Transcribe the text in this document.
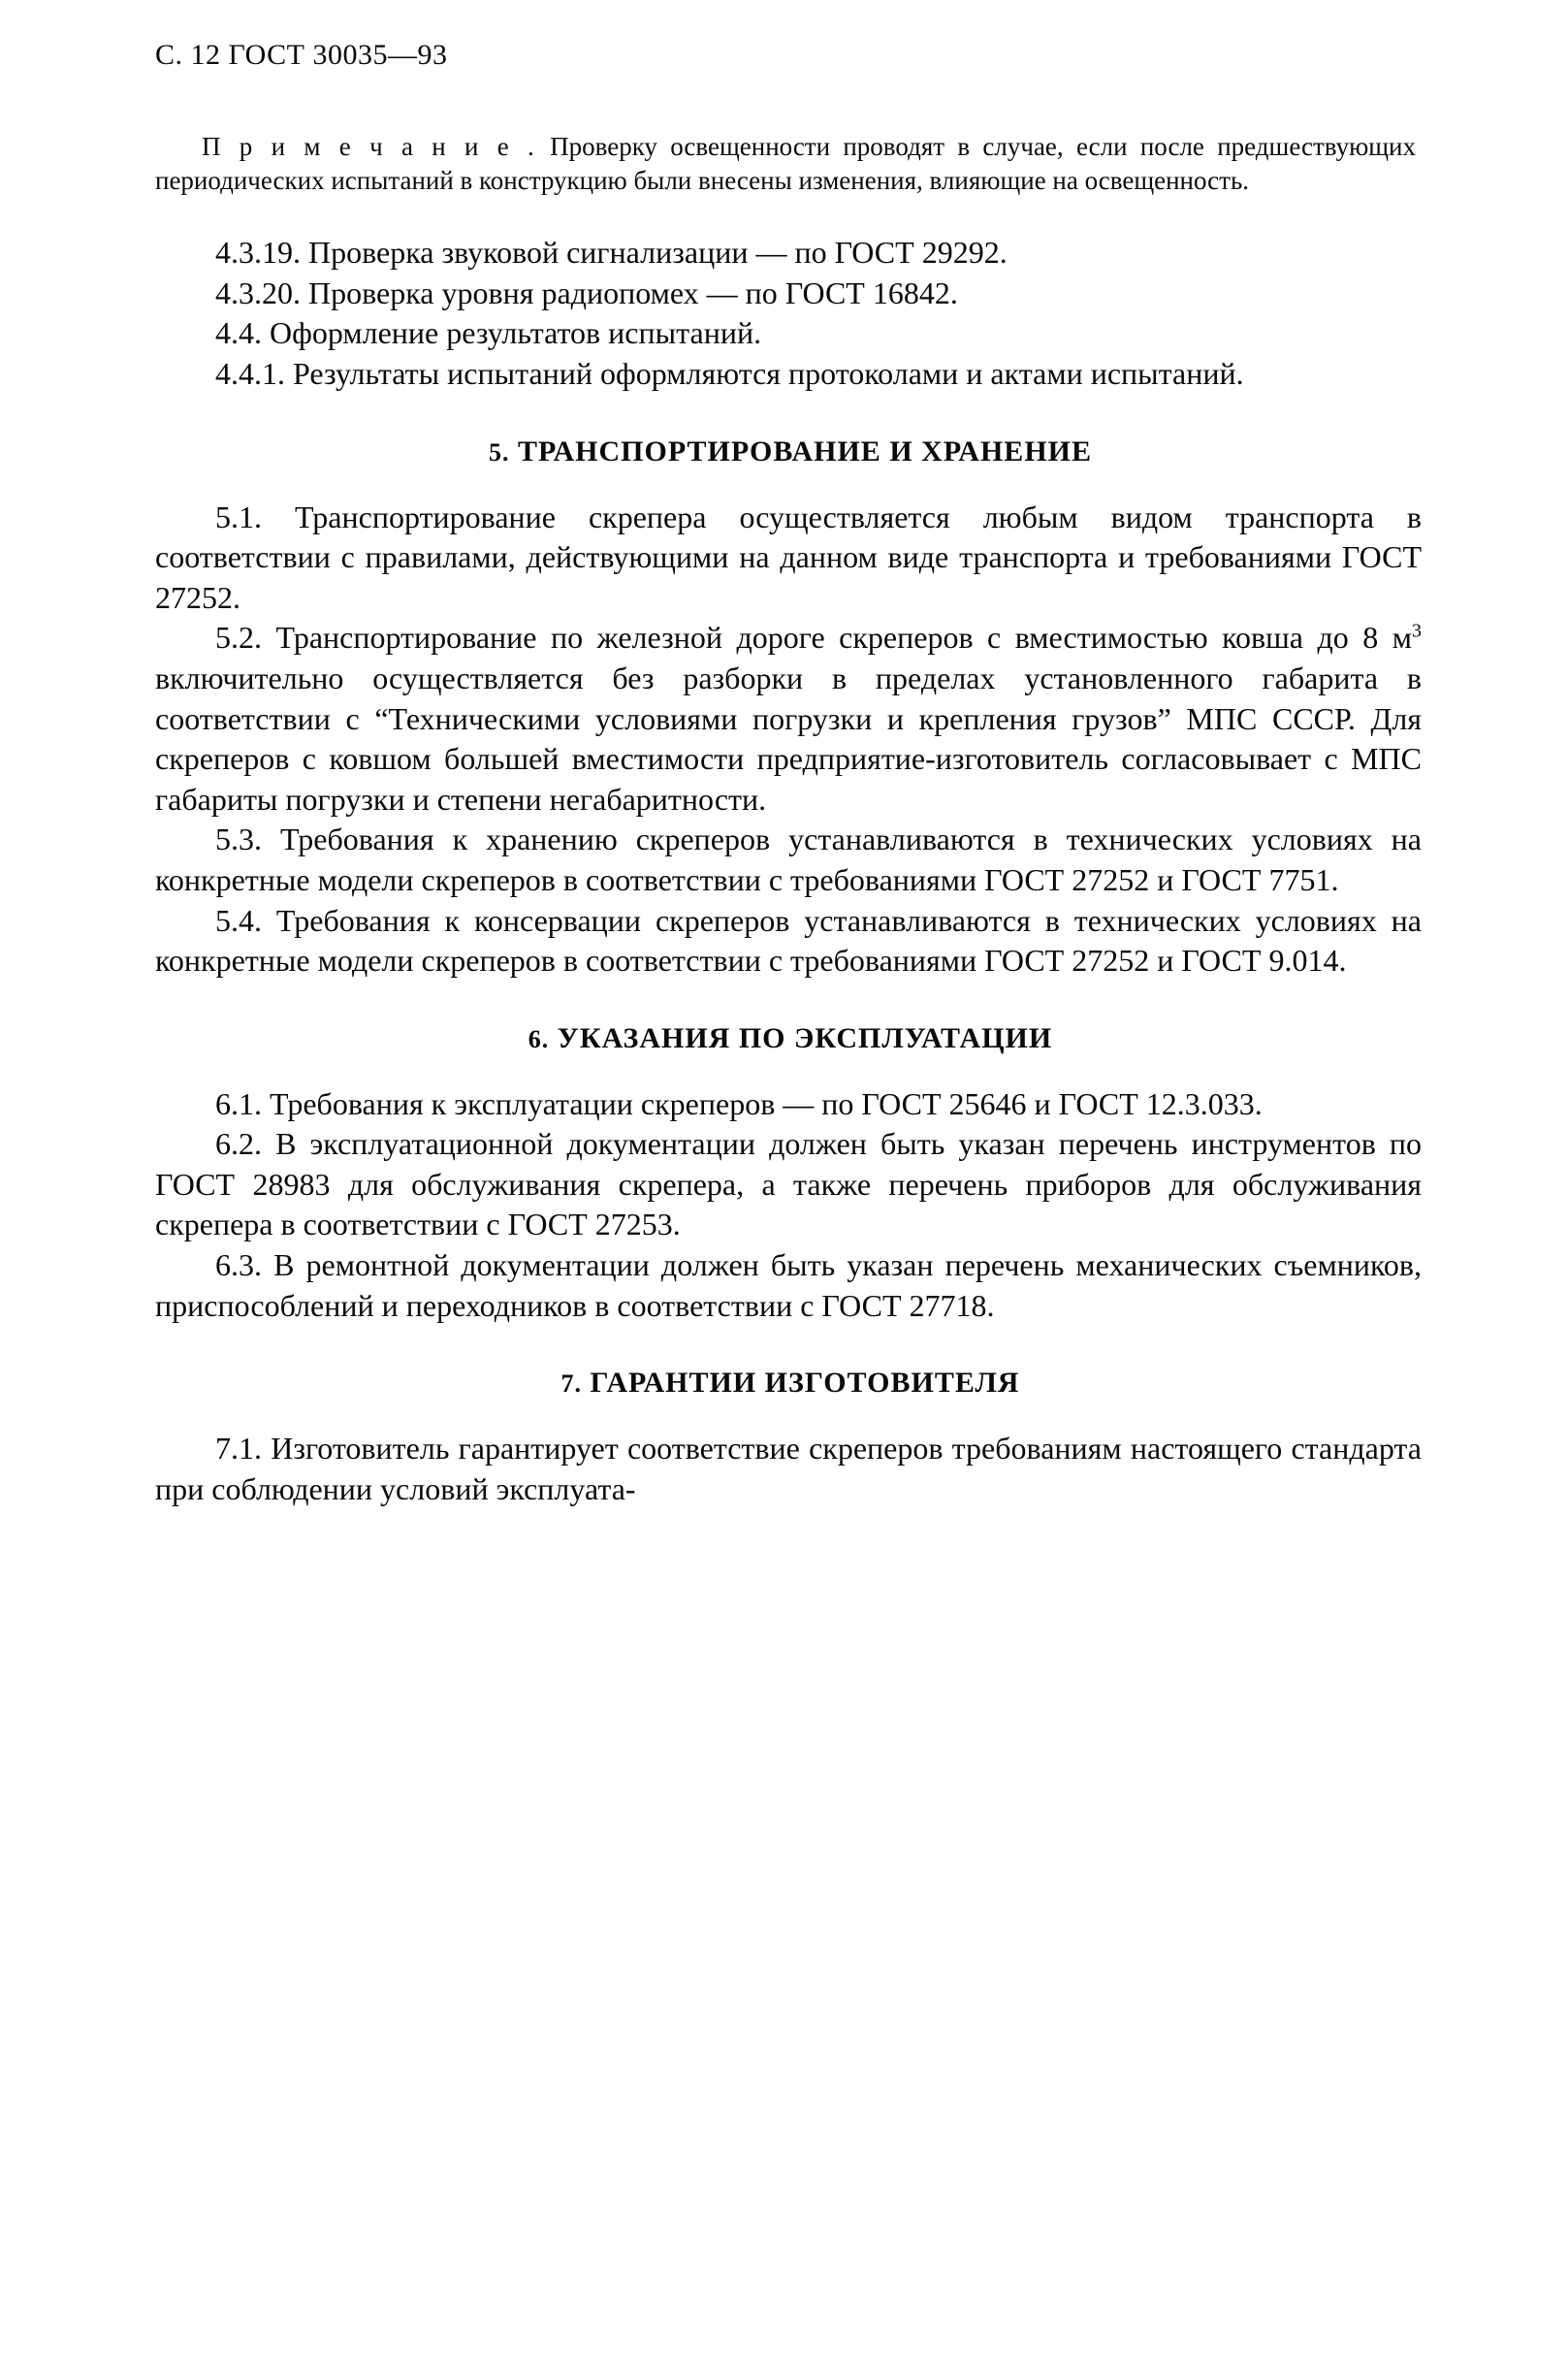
С. 12 ГОСТ 30035—93
П р и м е ч а н и е . Проверку освещенности проводят в случае, если после предшествующих периодических испытаний в конструкцию были внесены изменения, влияющие на освещенность.

4.3.19. Проверка звуковой сигнализации — по ГОСТ 29292.

4.3.20. Проверка уровня радиопомех — по ГОСТ 16842.

4.4. Оформление результатов испытаний.

4.4.1. Результаты испытаний оформляются протоколами и актами испытаний.

5. ТРАНСПОРТИРОВАНИЕ И ХРАНЕНИЕ

5.1. Транспортирование скрепера осуществляется любым видом транспорта в соответствии с правилами, действующими на данном виде транспорта и требованиями ГОСТ 27252.

5.2. Транспортирование по железной дороге скреперов с вместимостью ковша до 8 $м^3$ включительно осуществляется без разборки в пределах установленного габарита в соответствии с “Техническими условиями погрузки и крепления грузов” МПС СССР. Для скреперов с ковшом большей вместимости предприятие-изготовитель согласовывает с МПС габариты погрузки и степени негабаритности.

5.3. Требования к хранению скреперов устанавливаются в технических условиях на конкретные модели скреперов в соответствии с требованиями ГОСТ 27252 и ГОСТ 7751.

5.4. Требования к консервации скреперов устанавливаются в технических условиях на конкретные модели скреперов в соответствии с требованиями ГОСТ 27252 и ГОСТ 9.014.

6. УКАЗАНИЯ ПО ЭКСПЛУАТАЦИИ

6.1. Требования к эксплуатации скреперов — по ГОСТ 25646 и ГОСТ 12.3.033.

6.2. В эксплуатационной документации должен быть указан перечень инструментов по ГОСТ 28983 для обслуживания скрепера, а также перечень приборов для обслуживания скрепера в соответствии с ГОСТ 27253.

6.3. В ремонтной документации должен быть указан перечень механических съемников, приспособлений и переходников в соответствии с ГОСТ 27718.

7. ГАРАНТИИ ИЗГОТОВИТЕЛЯ

7.1. Изготовитель гарантирует соответствие скреперов требованиям настоящего стандарта при соблюдении условий эксплуата-
